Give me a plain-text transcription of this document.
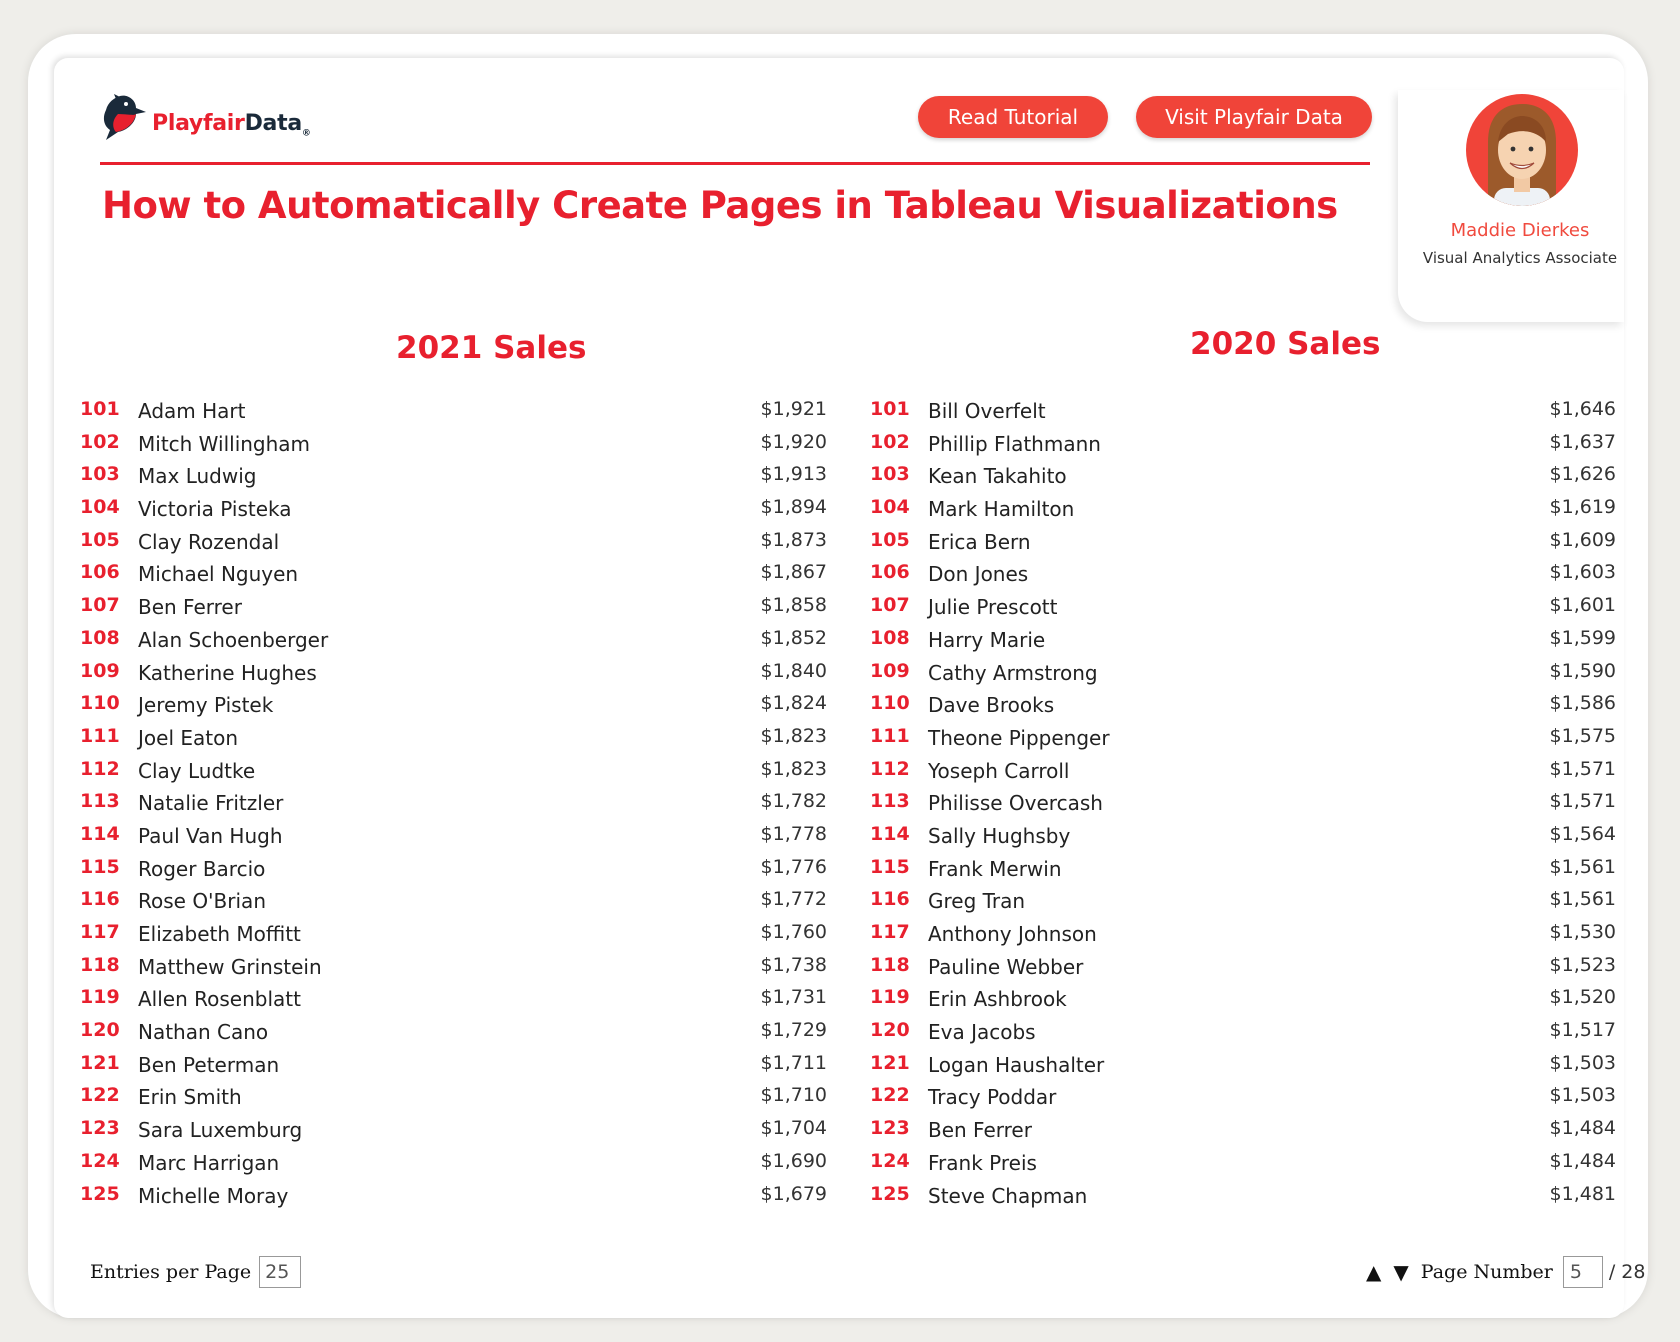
PlayfairData$_®$
Read Tutorial	Visit Playfair Data
How to Automatically Create Pages in Tableau Visualizations
Maddie Dierkes
Visual Analytics Associate
2021 Sales	2020 Sales
101 Adam Hart	$1,921
102 Mitch Willingham	$1,920
103 Max Ludwig	$1,913
104 Victoria Pisteka	$1,894
105 Clay Rozendal	$1,873
106 Michael Nguyen	$1,867
107 Ben Ferrer	$1,858
108 Alan Schoenberger	$1,852
109 Katherine Hughes	$1,840
110 Jeremy Pistek	$1,824
111 Joel Eaton	$1,823
112 Clay Ludtke	$1,823
113 Natalie Fritzler	$1,782
114 Paul Van Hugh	$1,778
115 Roger Barcio	$1,776
116 Rose O'Brian	$1,772
117 Elizabeth Moffitt	$1,760
118 Matthew Grinstein	$1,738
119 Allen Rosenblatt	$1,731
120 Nathan Cano	$1,729
121 Ben Peterman	$1,711
122 Erin Smith	$1,710
123 Sara Luxemburg	$1,704
124 Marc Harrigan	$1,690
125 Michelle Moray	$1,679
101 Bill Overfelt	$1,646
102 Phillip Flathmann	$1,637
103 Kean Takahito	$1,626
104 Mark Hamilton	$1,619
105 Erica Bern	$1,609
106 Don Jones	$1,603
107 Julie Prescott	$1,601
108 Harry Marie	$1,599
109 Cathy Armstrong	$1,590
110 Dave Brooks	$1,586
111 Theone Pippenger	$1,575
112 Yoseph Carroll	$1,571
113 Philisse Overcash	$1,571
114 Sally Hughsby	$1,564
115 Frank Merwin	$1,561
116 Greg Tran	$1,561
117 Anthony Johnson	$1,530
118 Pauline Webber	$1,523
119 Erin Ashbrook	$1,520
120 Eva Jacobs	$1,517
121 Logan Haushalter	$1,503
122 Tracy Poddar	$1,503
123 Ben Ferrer	$1,484
124 Frank Preis	$1,484
125 Steve Chapman	$1,481
Entries per Page 25	▲ ▼ Page Number 5	/ 28
